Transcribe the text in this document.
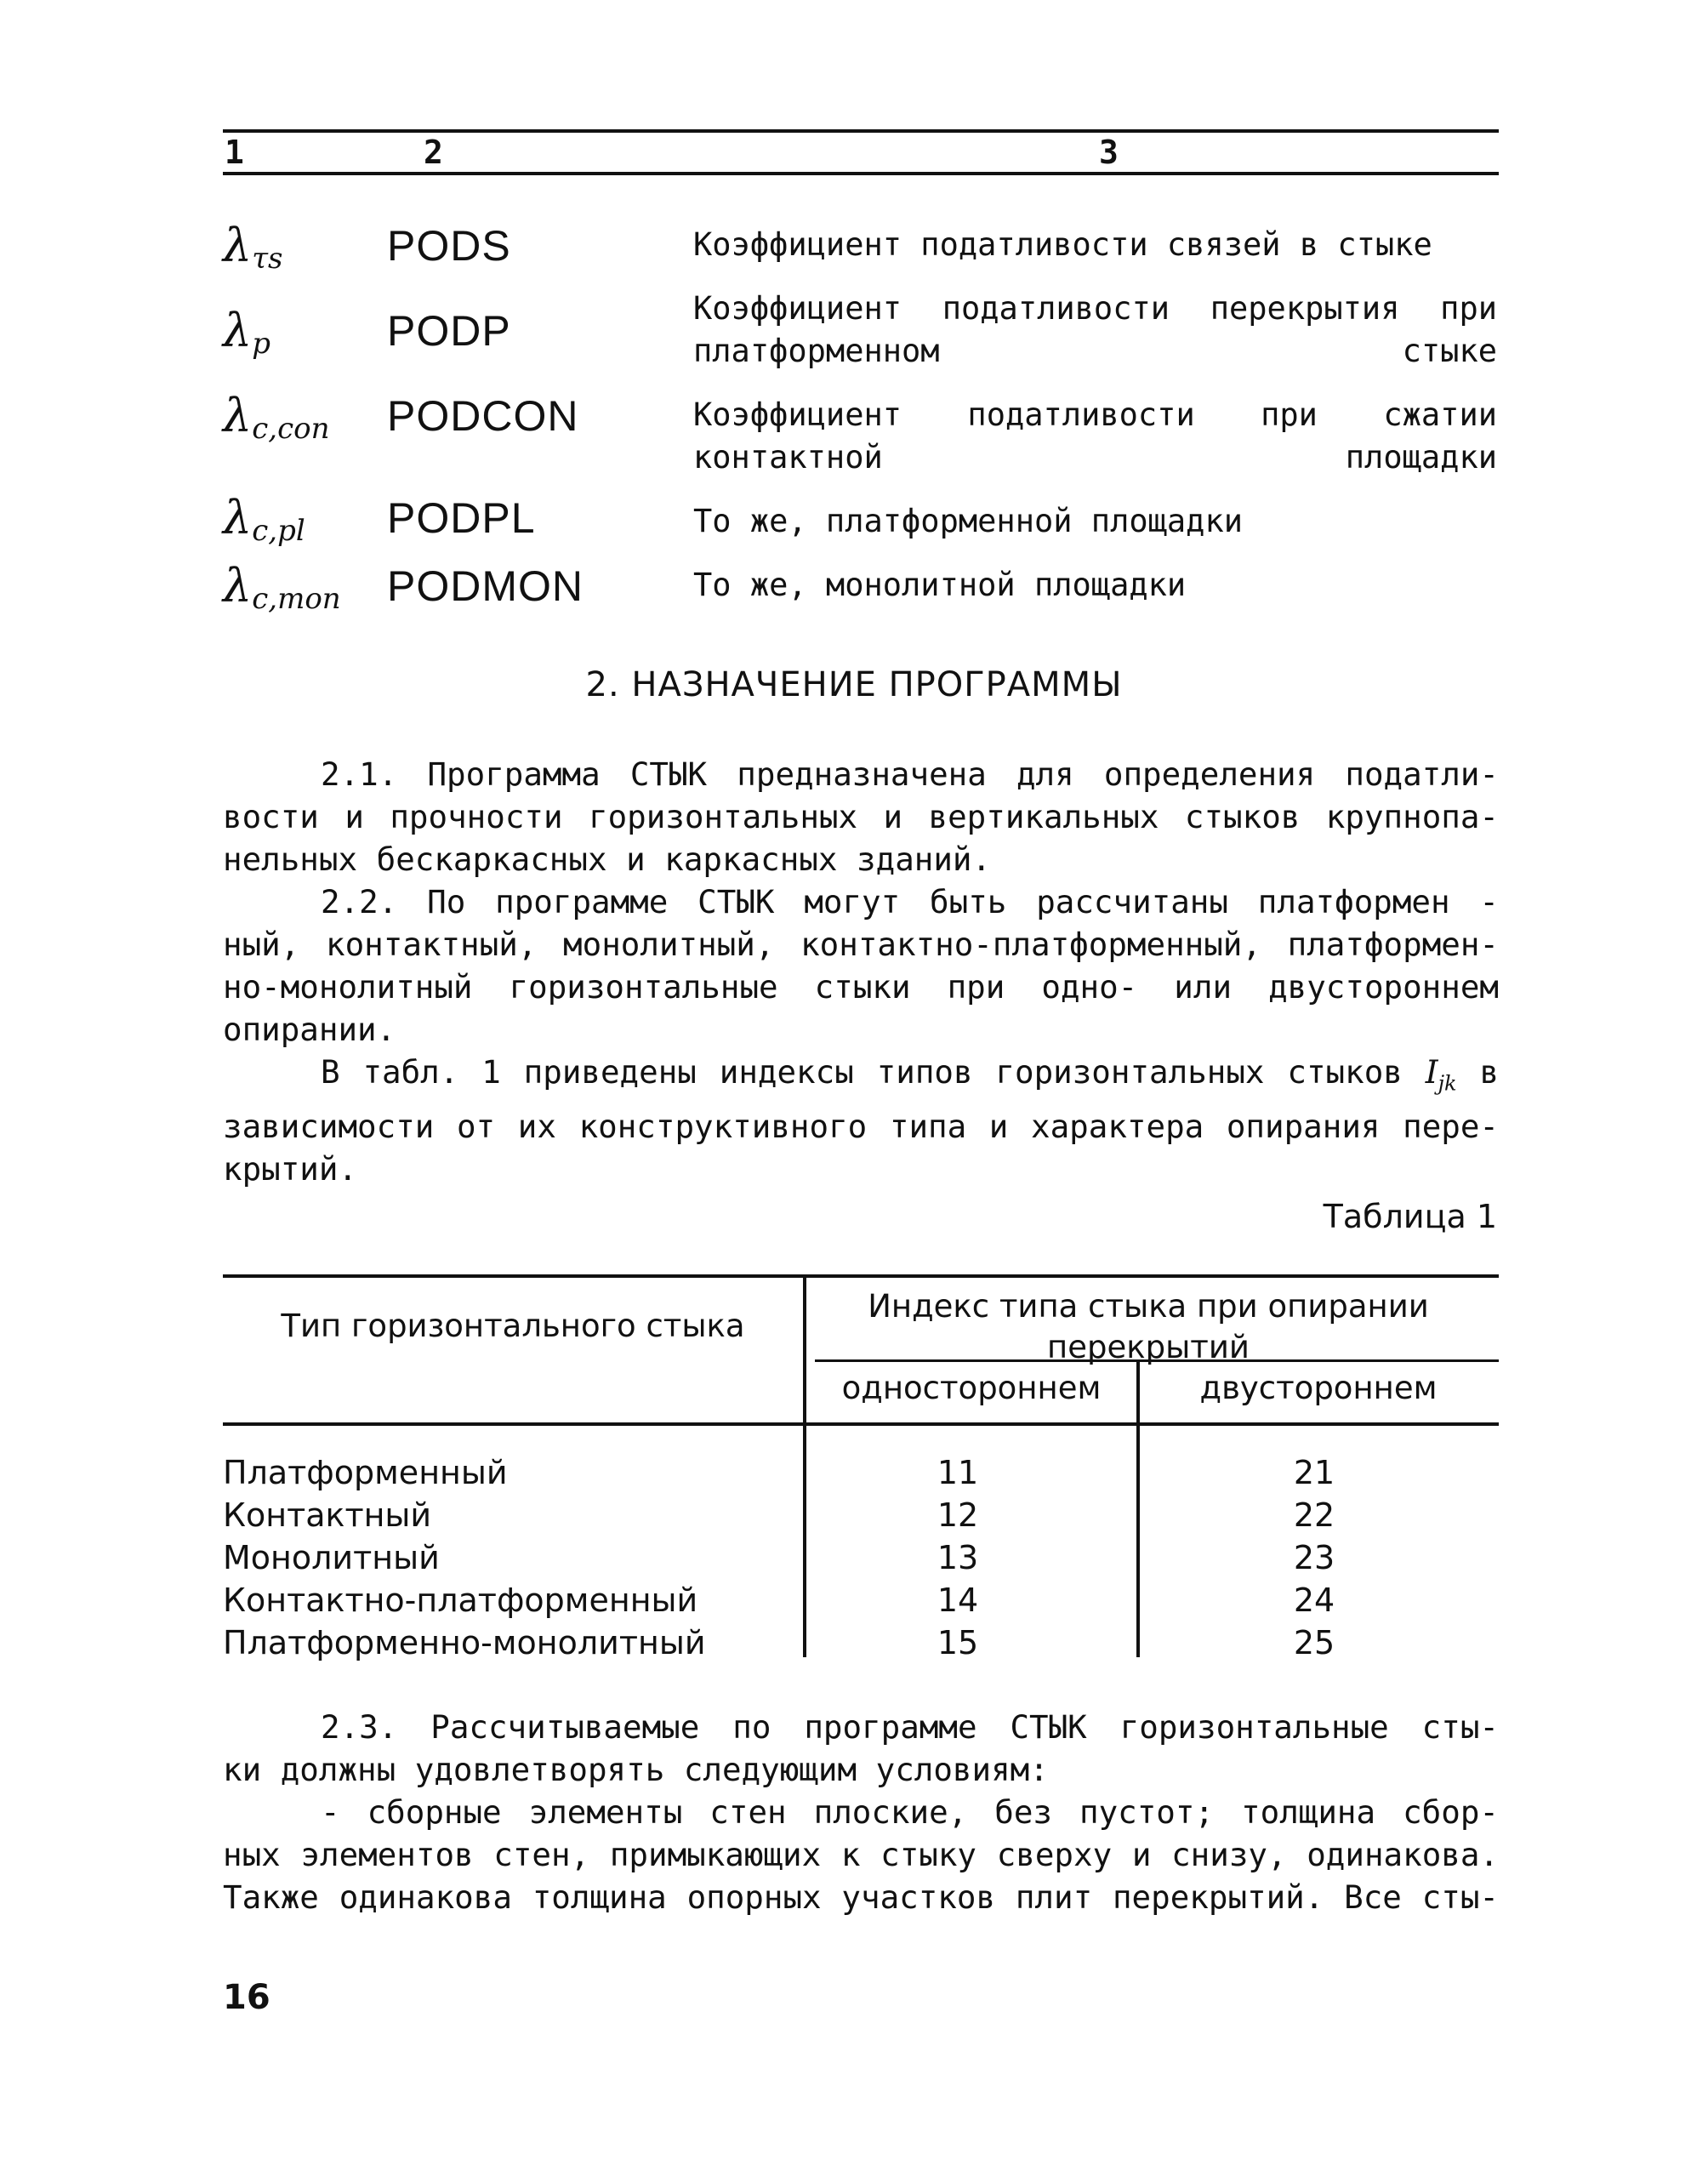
1	2	3
$\lambda_{\tau s}$ PODS	Коэффициент податливости связей в стыке
$\lambda_p$	PODP	Коэффициент податливости перекрытия при платформенном стыке
$\lambda_{c,con}$ PODCON	Коэффициент податливости при сжатии контактной площадки
$\lambda_{c,pl}$ PODPL	То же, платформенной площадки
$\lambda_{c,mon}$ PODMON	То же, монолитной площадки
2. НАЗНАЧЕНИЕ ПРОГРАММЫ
2.1. Программа СТЫК предназначена для определения податли-
вости и прочности горизонтальных и вертикальных стыков крупнопа-
нельных бескаркасных и каркасных зданий.
2.2. По программе СТЫК могут быть рассчитаны платформен -
ный, контактный, монолитный, контактно-платформенный, платформен-
но-монолитный горизонтальные стыки при одно- или двустороннем
опирании.
В табл. 1 приведены индексы типов горизонтальных стыков $I_{jk}$ в
зависимости от их конструктивного типа и характера опирания пере-
крытий.
Таблица 1
Тип горизонтального стыка
Индекс типа стыка при опирании перекрытий
одностороннем	двустороннем
Платформенный	11	21
Контактный	12	22
Монолитный	13	23
Контактно-платформенный	14	24
Платформенно-монолитный	15	25
2.3. Рассчитываемые по программе СТЫК горизонтальные сты-
ки должны удовлетворять следующим условиям:
- сборные элементы стен плоские, без пустот; толщина сбор-
ных элементов стен, примыкающих к стыку сверху и снизу, одинакова.
Также одинакова толщина опорных участков плит перекрытий. Все сты-
16
